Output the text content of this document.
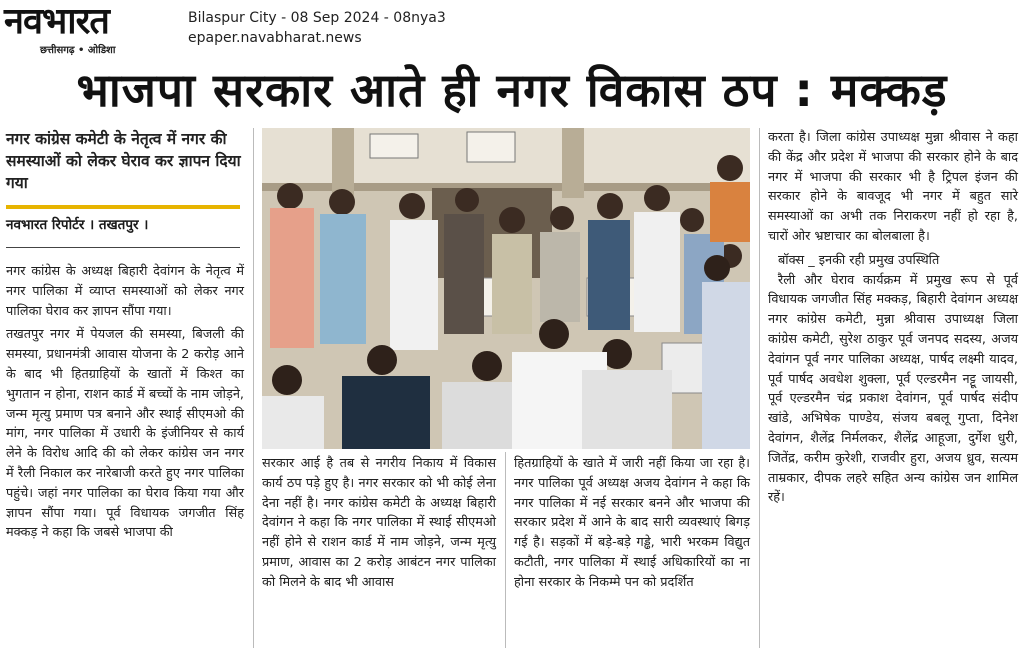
नवभारत
छत्तीसगढ़ • ओडिशा
Bilaspur City - 08 Sep 2024 - 08nya3
epaper.navabharat.news
भाजपा सरकार आते ही नगर विकास ठप : मक्कड़
नगर कांग्रेस कमेटी के नेतृत्व में नगर की समस्याओं को लेकर घेराव कर ज्ञापन दिया गया
नवभारत रिपोर्टर । तखतपुर ।

नगर कांग्रेस के अध्यक्ष बिहारी देवांगन के नेतृत्व में नगर पालिका में व्याप्त समस्याओं को लेकर नगर पालिका घेराव कर ज्ञापन सौंपा गया।

तखतपुर नगर में पेयजल की समस्या, बिजली की समस्या, प्रधानमंत्री आवास योजना के 2 करोड़ आने के बाद भी हितग्राहियों के खातों में किश्त का भुगतान न होना, राशन कार्ड में बच्चों के नाम जोड़ने, जन्म मृत्यु प्रमाण पत्र बनाने और स्थाई सीएमओ की मांग, नगर पालिका में उधारी के इंजीनियर से कार्य लेने के विरोध आदि की को लेकर कांग्रेस जन नगर में रैली निकाल कर नारेबाजी करते हुए नगर पालिका पहुंचे। जहां नगर पालिका का घेराव किया गया और ज्ञापन सौंपा गया। पूर्व विधायक जगजीत सिंह मक्कड़ ने कहा कि जबसे भाजपा की

सरकार आई है तब से नगरीय निकाय में विकास कार्य ठप पड़े हुए है। नगर सरकार को भी कोई लेना देना नहीं है। नगर कांग्रेस कमेटी के अध्यक्ष बिहारी देवांगन ने कहा कि नगर पालिका में स्थाई सीएमओ नहीं होने से राशन कार्ड में नाम जोड़ने, जन्म मृत्यु प्रमाण, आवास का 2 करोड़ आबंटन नगर पालिका को मिलने के बाद भी आवास

हितग्राहियों के खाते में जारी नहीं किया जा रहा है। नगर पालिका पूर्व अध्यक्ष अजय देवांगन ने कहा कि नगर पालिका में नई सरकार बनने और भाजपा की सरकार प्रदेश में आने के बाद सारी व्यवस्थाएं बिगड़ गई है। सड़कों में बड़े-बड़े गड्ढे, भारी भरकम विद्युत कटौती, नगर पालिका में स्थाई अधिकारियों का ना होना सरकार के निकम्मे पन को प्रदर्शित

करता है। जिला कांग्रेस उपाध्यक्ष मुन्ना श्रीवास ने कहा की केंद्र और प्रदेश में भाजपा की सरकार होने के बाद नगर में भाजपा की सरकार भी है ट्रिपल इंजन की सरकार होने के बावजूद भी नगर में बहुत सारे समस्याओं का अभी तक निराकरण नहीं हो रहा है, चारों ओर भ्रष्टाचार का बोलबाला है।

बॉक्स _ इनकी रही प्रमुख उपस्थिति

रैली और घेराव कार्यक्रम में प्रमुख रूप से पूर्व विधायक जगजीत सिंह मक्कड़, बिहारी देवांगन अध्यक्ष नगर कांग्रेस कमेटी, मुन्ना श्रीवास उपाध्यक्ष जिला कांग्रेस कमेटी, सुरेश ठाकुर पूर्व जनपद सदस्य, अजय देवांगन पूर्व नगर पालिका अध्यक्ष, पार्षद लक्ष्मी यादव, पूर्व पार्षद अवधेश शुक्ला, पूर्व एल्डरमैन नट्टू जायसी, पूर्व एल्डरमैन चंद्र प्रकाश देवांगन, पूर्व पार्षद संदीप खांडे, अभिषेक पाण्डेय, संजय बबलू गुप्ता, दिनेश देवांगन, शैलेंद्र निर्मलकर, शैलेंद्र आहूजा, दुर्गेश धुरी, जितेंद्र, करीम कुरेशी, राजवीर हुरा, अजय ध्रुव, सत्यम ताम्रकार, दीपक लहरे सहित अन्य कांग्रेस जन शामिल रहें।
